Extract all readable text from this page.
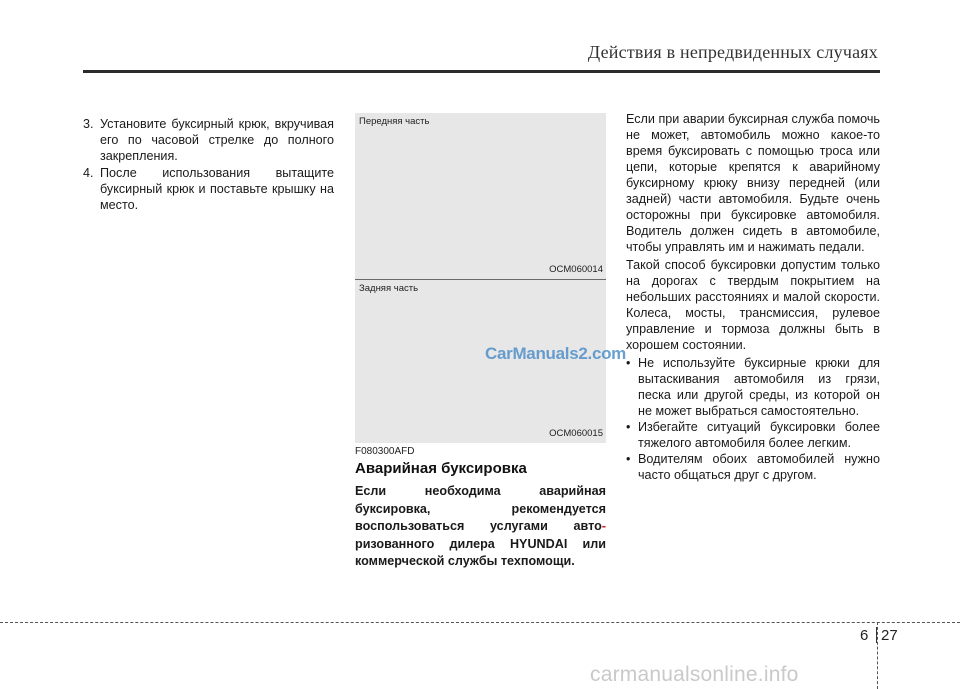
Действия в непредвиденных случаях

3. Установите буксирный крюк, вкручивая его по часовой стрелке до полного закрепления.

4. После использования вытащите буксирный крюк и поставьте крышку на место.

Передняя часть
OCM060014
Задняя часть
CarManuals2.com
OCM060015
F080300AFD
Аварийная буксировка
Если необходима аварийная буксировка, рекомендуется воспользоваться услугами авто-ризованного дилера HYUNDAI или коммерческой службы техпомощи.

Если при аварии буксирная служба помочь не может, автомобиль можно какое-то время буксировать с помощью троса или цепи, которые крепятся к аварийному буксирному крюку внизу передней (или задней) части автомобиля. Будьте очень осторожны при буксировке автомобиля. Водитель должен сидеть в автомобиле, чтобы управлять им и нажимать педали.

Такой способ буксировки допустим только на дорогах с твердым покрытием на небольших расстояниях и малой скорости. Колеса, мосты, трансмиссия, рулевое управление и тормоза должны быть в хорошем состоянии.

• Не используйте буксирные крюки для вытаскивания автомобиля из грязи, песка или другой среды, из которой он не может выбраться самостоятельно.

• Избегайте ситуаций буксировки более тяжелого автомобиля более легким.

• Водителям обоих автомобилей нужно часто общаться друг с другом.

6 27
carmanualsonline.info
